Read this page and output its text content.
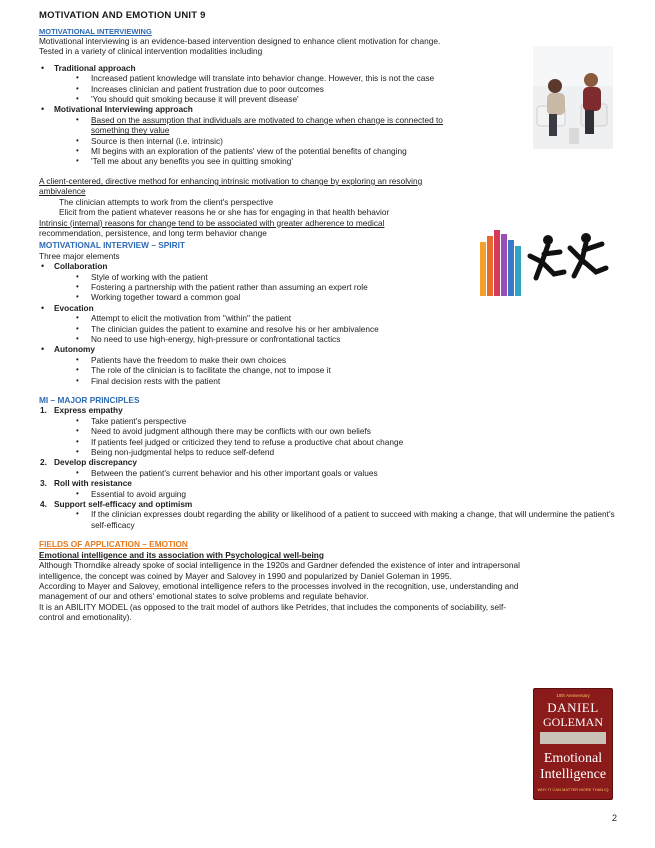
MOTIVATION AND EMOTION UNIT 9
10th Anniversary
DANIEL
GOLEMAN
Emotional
Intelligence
WHY IT CAN MATTER MORE THAN IQ
MOTIVATIONAL INTERVIEWING
Motivational interviewing is an evidence-based intervention designed to enhance client motivation for change.
Tested in a variety of clinical intervention modalities including
• Traditional approach
• Increased patient knowledge will translate into behavior change. However, this is not the case
• Increases clinician and patient frustration due to poor outcomes
• 'You should quit smoking because it will prevent disease'
• Motivational Interviewing approach
• Based on the assumption that individuals are motivated to change when change is connected to something they value
• Source is then internal (i.e. intrinsic)
• MI begins with an exploration of the patients' view of the potential benefits of changing
• 'Tell me about any benefits you see in quitting smoking'
A client-centered, directive method for enhancing intrinsic motivation to change by exploring an resolving ambivalence
The clinician attempts to work from the client's perspective
Elicit from the patient whatever reasons he or she has for engaging in that health behavior
Intrinsic (internal) reasons for change tend to be associated with greater adherence to medical
recommendation, persistence, and long term behavior change
MOTIVATIONAL INTERVIEW – SPIRIT
Three major elements
• Collaboration
• Style of working with the patient
• Fostering a partnership with the patient rather than assuming an expert role
• Working together toward a common goal
• Evocation
• Attempt to elicit the motivation from "within" the patient
• The clinician guides the patient to examine and resolve his or her ambivalence
• No need to use high-energy, high-pressure or confrontational tactics
• Autonomy
• Patients have the freedom to make their own choices
• The role of the clinician is to facilitate the change, not to impose it
• Final decision rests with the patient
MI – MAJOR PRINCIPLES
1. Express empathy
• Take patient's perspective
• Need to avoid judgment although there may be conflicts with our own beliefs
• If patients feel judged or criticized they tend to refuse a productive chat about change
• Being non-judgmental helps to reduce self-defend
2. Develop discrepancy
• Between the patient's current behavior and his other important goals or values
3. Roll with resistance
• Essential to avoid arguing
4. Support self-efficacy and optimism
• If the clinician expresses doubt regarding the ability or likelihood of a patient to succeed with making a change, that will undermine the patient's self-efficacy
FIELDS OF APPLICATION – EMOTION
Emotional intelligence and its association with Psychological well-being
Although Thorndike already spoke of social intelligence in the 1920s and Gardner defended the existence of inter and intrapersonal intelligence, the concept was coined by Mayer and Salovey in 1990 and popularized by Daniel Goleman in 1995.
According to Mayer and Salovey, emotional intelligence refers to the processes involved in the recognition, use, understanding and management of our and others' emotional states to solve problems and regulate behavior.
It is an ABILITY MODEL (as opposed to the trait model of authors like Petrides, that includes the components of sociability, self-control and emotionality).
2
